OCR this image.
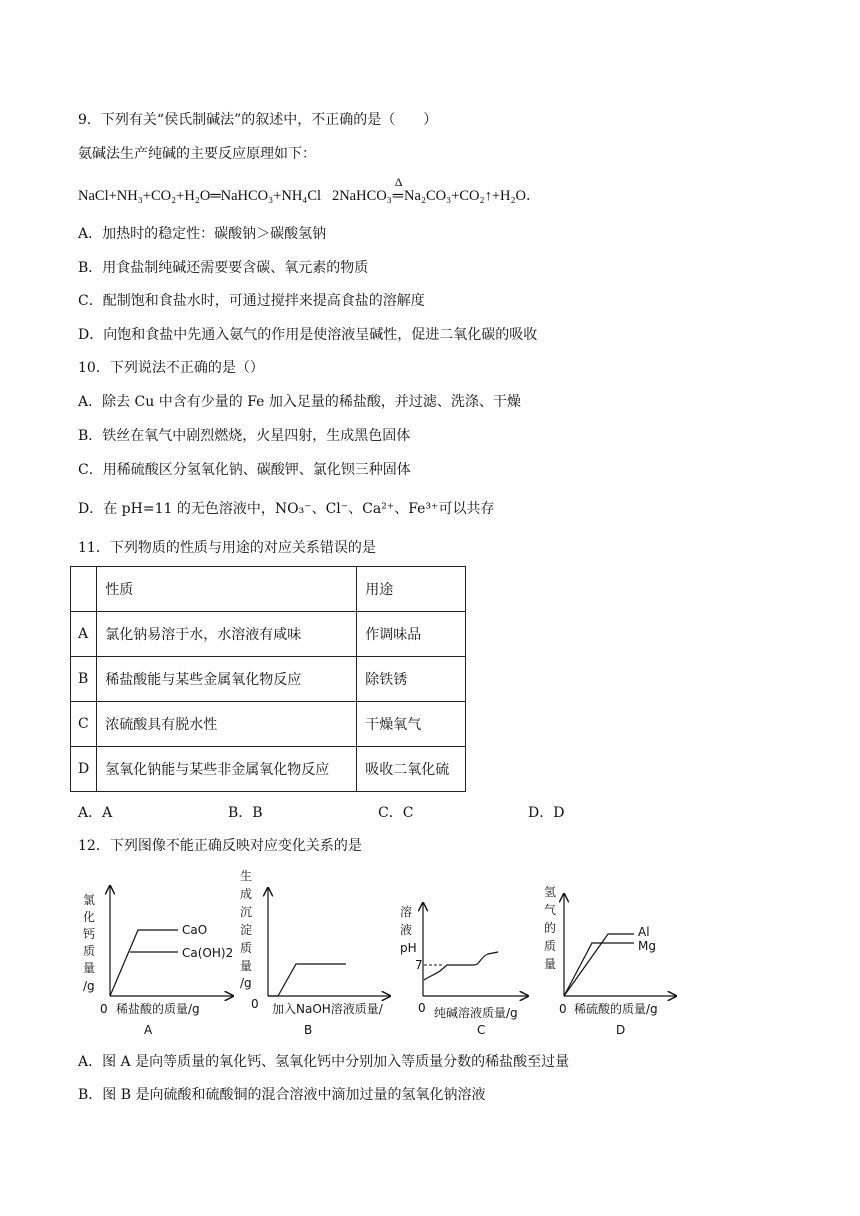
9．下列有关“侯氏制碱法”的叙述中，不正确的是（　　）
氨碱法生产纯碱的主要反应原理如下：
NaCl+NH₃+CO₂+H₂O═NaHCO₃+NH₄Cl 2NaHCO₃
Δ
═Na₂CO₃+CO₂↑+H₂O．
A．加热时的稳定性：碳酸钠＞碳酸氢钠
B．用食盐制纯碱还需要要含碳、氧元素的物质
C．配制饱和食盐水时，可通过搅拌来提高食盐的溶解度
D．向饱和食盐中先通入氨气的作用是使溶液呈碱性，促进二氧化碳的吸收
10．下列说法不正确的是（）
A．除去 Cu 中含有少量的 Fe 加入足量的稀盐酸，并过滤、洗涤、干燥
B．铁丝在氧气中剧烈燃烧，火星四射，生成黑色固体
C．用稀硫酸区分氢氧化钠、碳酸钾、氯化钡三种固体
D．在 pH=11 的无色溶液中，NO₃⁻、Cl⁻、Ca²⁺、Fe³⁺可以共存
11．下列物质的性质与用途的对应关系错误的是
	性质	用途
A	氯化钠易溶于水，水溶液有咸味	作调味品
B	稀盐酸能与某些金属氧化物反应	除铁锈
C	浓硫酸具有脱水性	干燥氧气
D	氢氧化钠能与某些非金属氧化物反应	吸收二氧化硫
A．A	B．B	C．C	D．D
12．下列图像不能正确反映对应变化关系的是
氯
化
钙
质
量
/g
0
CaO
Ca(OH)2
稀盐酸的质量/g
A
生
成
沉
淀
质
量
/g
0 加入NaOH溶液质量/
B
溶
液
pH
7
0 纯碱溶液质量/g
C
氢
气
的
质
量
Al
Mg
0 稀硫酸的质量/g
D
A．图 A 是向等质量的氧化钙、氢氧化钙中分别加入等质量分数的稀盐酸至过量
B．图 B 是向硫酸和硫酸铜的混合溶液中滴加过量的氢氧化钠溶液
